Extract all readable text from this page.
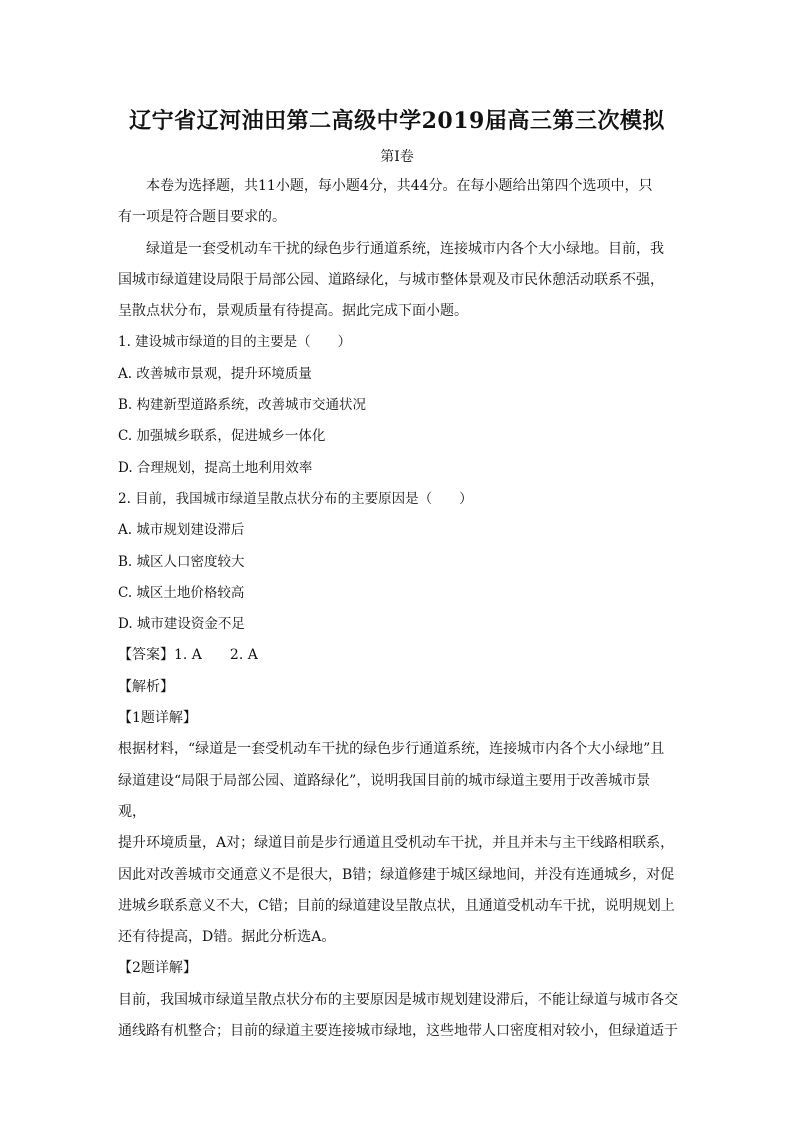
辽宁省辽河油田第二高级中学2019届高三第三次模拟
第Ⅰ卷

本卷为选择题，共11小题，每小题4分，共44分。在每小题给出第四个选项中，只

有一项是符合题目要求的。

绿道是一套受机动车干扰的绿色步行通道系统，连接城市内各个大小绿地。目前，我

国城市绿道建设局限于局部公园、道路绿化，与城市整体景观及市民休憩活动联系不强，

呈散点状分布，景观质量有待提高。据此完成下面小题。

1. 建设城市绿道的目的主要是（　　）

A. 改善城市景观，提升环境质量

B. 构建新型道路系统，改善城市交通状况

C. 加强城乡联系，促进城乡一体化

D. 合理规划，提高土地利用效率

2. 目前，我国城市绿道呈散点状分布的主要原因是（　　）

A. 城市规划建设滞后

B. 城区人口密度较大

C. 城区土地价格较高

D. 城市建设资金不足

【答案】1. A 2. A

【解析】

【1题详解】

根据材料，“绿道是一套受机动车干扰的绿色步行通道系统，连接城市内各个大小绿地”且

绿道建设“局限于局部公园、道路绿化”，说明我国目前的城市绿道主要用于改善城市景观，

提升环境质量，A对；绿道目前是步行通道且受机动车干扰，并且并未与主干线路相联系，

因此对改善城市交通意义不是很大，B错；绿道修建于城区绿地间，并没有连通城乡，对促

进城乡联系意义不大，C错；目前的绿道建设呈散点状，且通道受机动车干扰，说明规划上

还有待提高，D错。据此分析选A。

【2题详解】

目前，我国城市绿道呈散点状分布的主要原因是城市规划建设滞后，不能让绿道与城市各交

通线路有机整合；目前的绿道主要连接城市绿地，这些地带人口密度相对较小，但绿道适于
